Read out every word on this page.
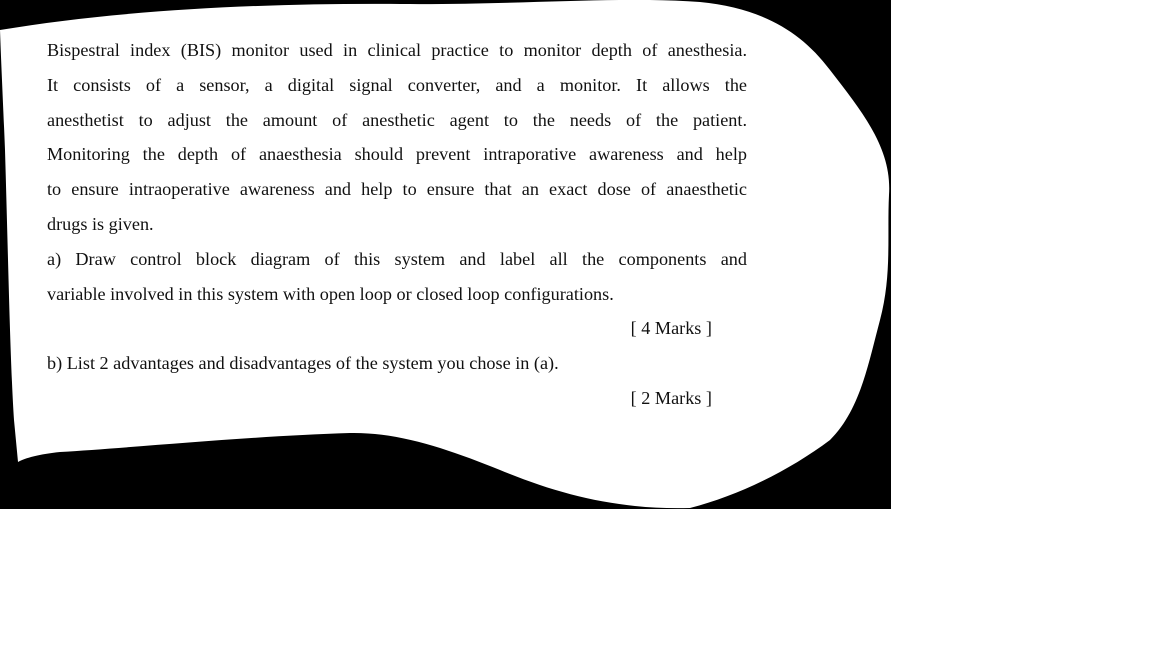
Bispestral index (BIS) monitor used in clinical practice to monitor depth of anesthesia.
It consists of a sensor, a digital signal converter, and a monitor. It allows the
anesthetist to adjust the amount of anesthetic agent to the needs of the patient.
Monitoring the depth of anaesthesia should prevent intraporative awareness and help
to ensure intraoperative awareness and help to ensure that an exact dose of anaesthetic
drugs is given.
a) Draw control block diagram of this system and label all the components and
variable involved in this system with open loop or closed loop configurations.
[ 4 Marks ]
b) List 2 advantages and disadvantages of the system you chose in (a).
[ 2 Marks ]
